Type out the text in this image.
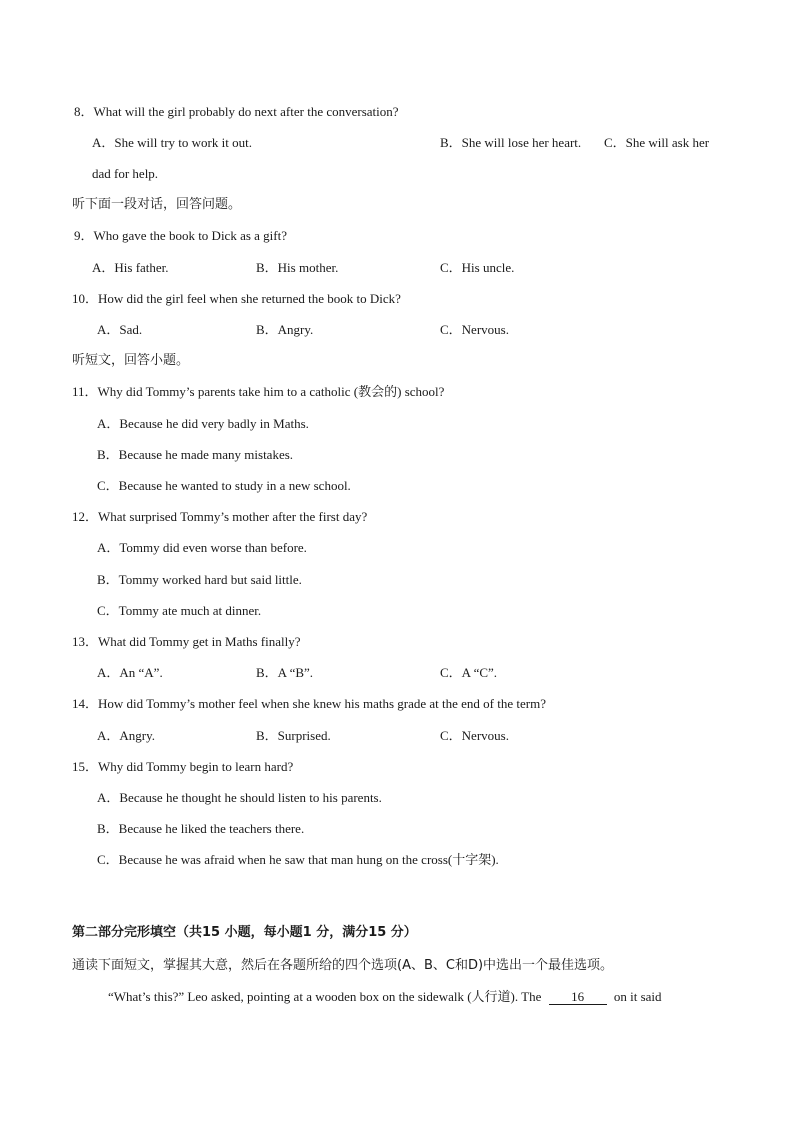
8．What will the girl probably do next after the conversation?
A．She will try to work it out.	B．She will lose her heart. C．She will ask her
dad for help.
听下面一段对话，回答问题。
9．Who gave the book to Dick as a gift?
A．His father.	B．His mother.	C．His uncle.
10．How did the girl feel when she returned the book to Dick?
A．Sad.	B．Angry.	C．Nervous.
听短文，回答小题。
11．Why did Tommy’s parents take him to a catholic (教会的) school?
A．Because he did very badly in Maths.
B．Because he made many mistakes.
C．Because he wanted to study in a new school.
12．What surprised Tommy’s mother after the first day?
A．Tommy did even worse than before.
B．Tommy worked hard but said little.
C．Tommy ate much at dinner.
13．What did Tommy get in Maths finally?
A．An “A”.	B．A “B”.	C．A “C”.
14．How did Tommy’s mother feel when she knew his maths grade at the end of the term?
A．Angry.	B．Surprised.	C．Nervous.
15．Why did Tommy begin to learn hard?
A．Because he thought he should listen to his parents.
B．Because he liked the teachers there.
C．Because he was afraid when he saw that man hung on the cross(十字架).
第二部分完形填空（共15 小题，每小题1 分，满分15 分）
通读下面短文，掌握其大意，然后在各题所给的四个选项(A、B、C和D)中选出一个最佳选项。
“What’s this?” Leo asked, pointing at a wooden box on the sidewalk (人行道). The 16 on it said
